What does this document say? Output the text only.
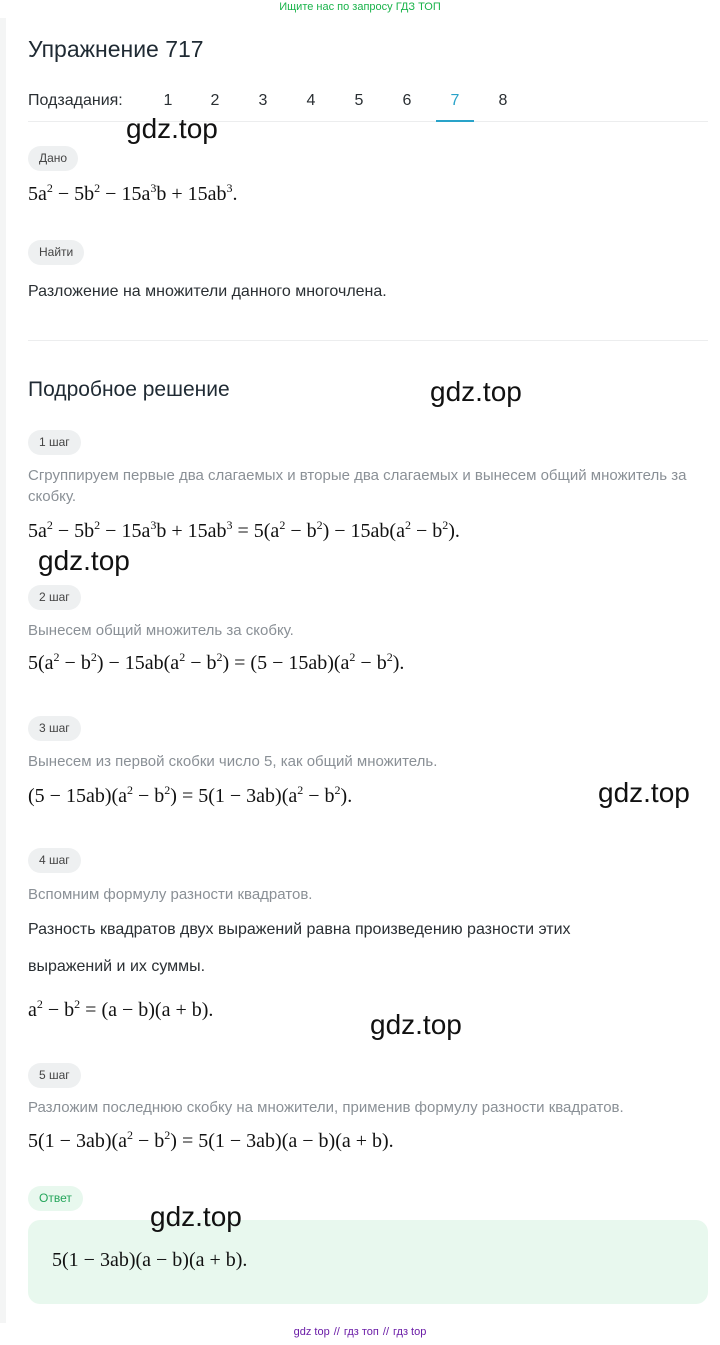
Ищите нас по запросу ГДЗ ТОП
Упражнение 717
Подзадания:	1	2	3	4	5	6	7	8
Дано
$5a^2 - 5b^2 - 15a^3b + 15ab^3$.
Найти
Разложение на множители данного многочлена.
Подробное решение
1 шаг
Сгруппируем первые два слагаемых и вторые два слагаемых и вынесем общий множитель за скобку.
$5a^2 - 5b^2 - 15a^3b + 15ab^3 = 5(a^2 - b^2) - 15ab(a^2 - b^2)$.
2 шаг
Вынесем общий множитель за скобку.
$5(a^2 - b^2) - 15ab(a^2 - b^2) = (5 - 15ab)(a^2 - b^2)$.
3 шаг
Вынесем из первой скобки число 5, как общий множитель.
$(5 - 15ab)(a^2 - b^2) = 5(1 - 3ab)(a^2 - b^2)$.
4 шаг
Вспомним формулу разности квадратов.
Разность квадратов двух выражений равна произведению разности этих
выражений и их суммы.
$a^2 - b^2 = (a - b)(a + b)$.
5 шаг
Разложим последнюю скобку на множители, применив формулу разности квадратов.
$5(1 - 3ab)(a^2 - b^2) = 5(1 - 3ab)(a - b)(a + b)$.
Ответ
5(1 − 3ab)(a − b)(a + b).
gdz.top
gdz.top
gdz.top
gdz.top
gdz.top
gdz.top
gdz top // гдз топ // гдз top
